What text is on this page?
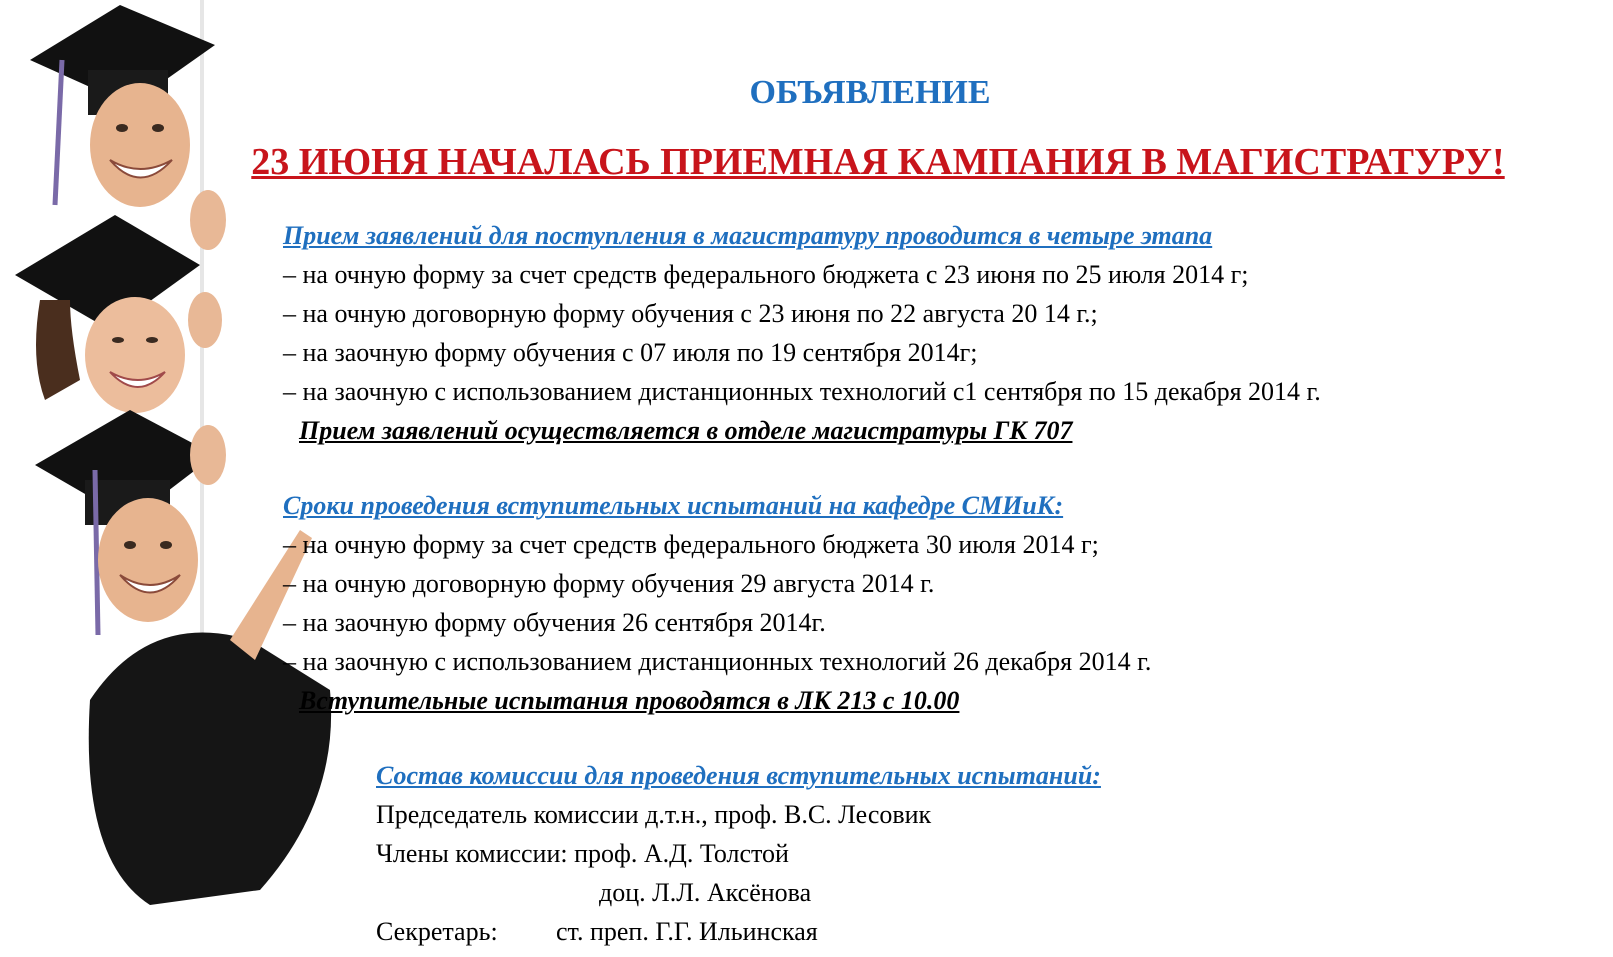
ОБЪЯВЛЕНИЕ
23 ИЮНЯ НАЧАЛАСЬ ПРИЕМНАЯ КАМПАНИЯ В МАГИСТРАТУРУ!

Прием заявлений для поступления в магистратуру проводится в четыре этапа

– на очную форму за счет средств федерального бюджета с 23 июня по 25 июля 2014 г;

– на очную договорную форму обучения с 23 июня по 22 августа 20 14 г.;

– на заочную форму обучения с 07 июля по 19 сентября 2014г;

– на заочную с использованием дистанционных технологий с1 сентября по 15 декабря 2014 г.

Прием заявлений осуществляется в отделе магистратуры ГК 707

Сроки проведения вступительных испытаний на кафедре СМИиК:

– на очную форму за счет средств федерального бюджета 30 июля 2014 г;

– на очную договорную форму обучения 29 августа 2014 г.

– на заочную форму обучения 26 сентября 2014г.

– на заочную с использованием дистанционных технологий 26 декабря 2014 г.

Вступительные испытания проводятся в ЛК 213 с 10.00

Состав комиссии для проведения вступительных испытаний:

Председатель комиссии д.т.н., проф. В.С. Лесовик

Члены комиссии: проф. А.Д. Толстой

доц. Л.Л. Аксёнова

Секретарь:	ст. преп. Г.Г. Ильинская
